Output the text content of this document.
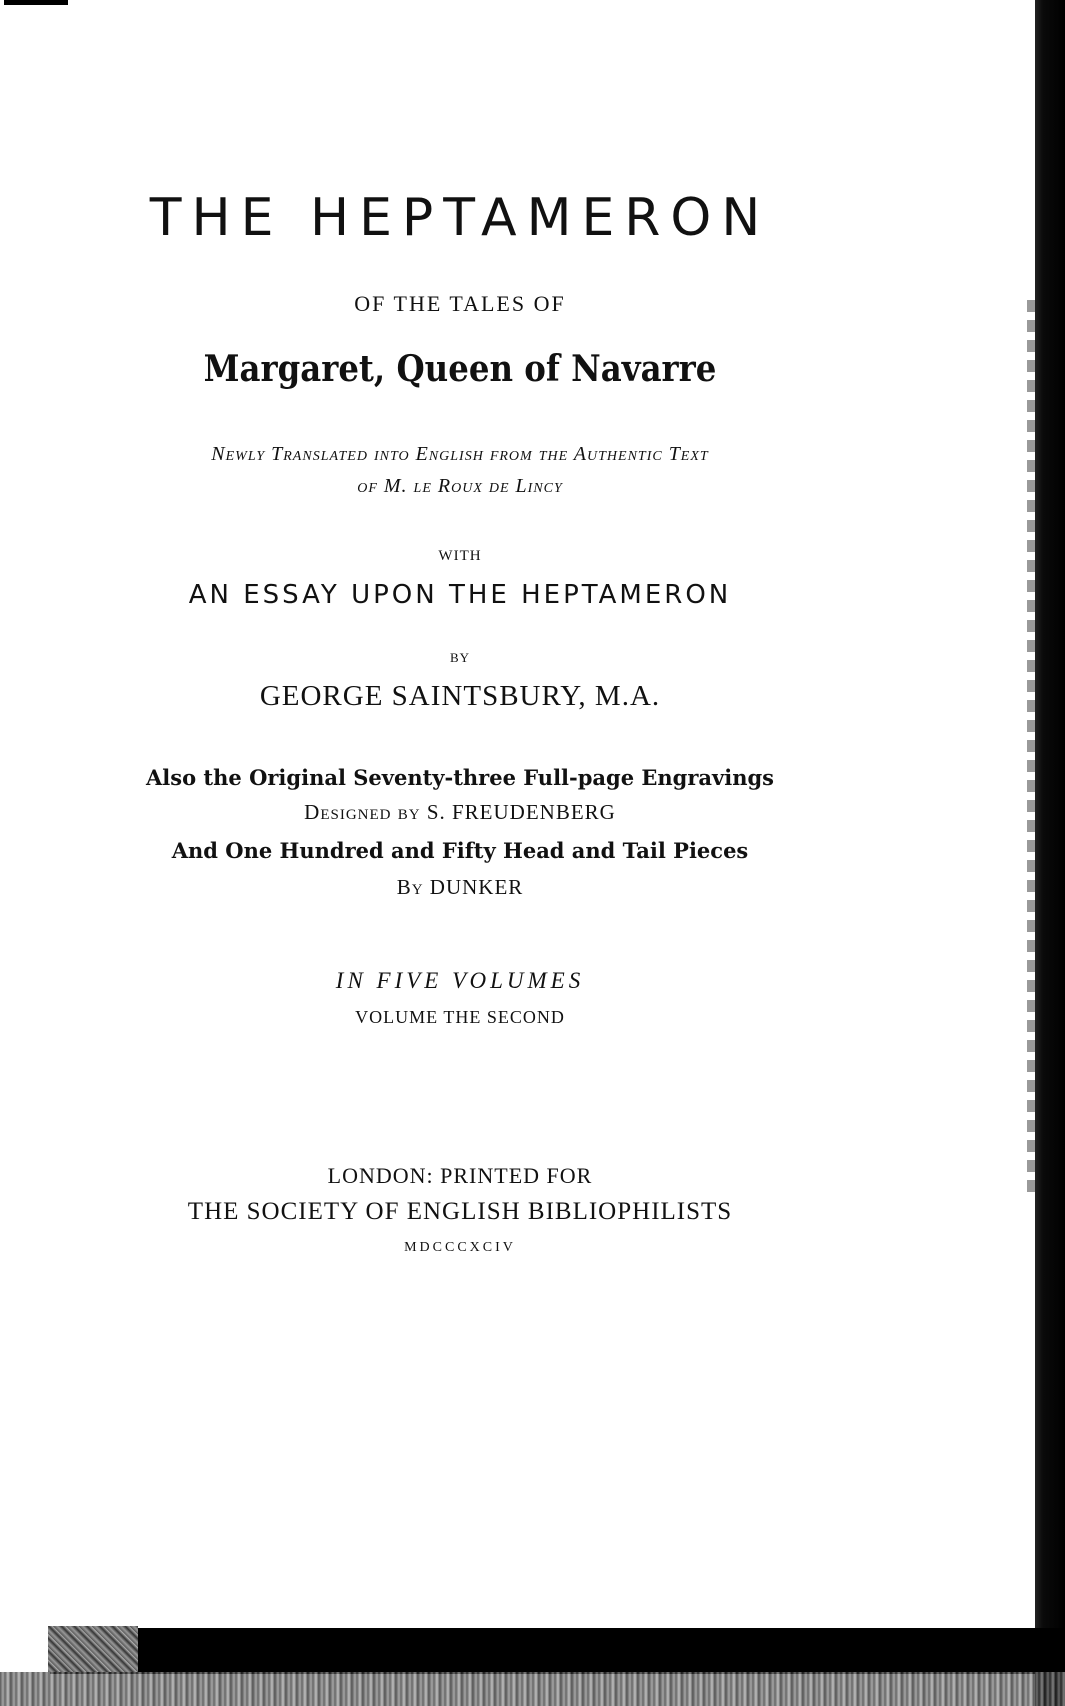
THE HEPTAMERON
OF THE TALES OF
Margaret, Queen of Navarre
Newly Translated into English from the Authentic Text
of M. le Roux de Lincy
WITH
AN ESSAY UPON THE HEPTAMERON
BY
GEORGE SAINTSBURY, M.A.
Also the Original Seventy-three Full-page Engravings
Designed by S. FREUDENBERG
And One Hundred and Fifty Head and Tail Pieces
By DUNKER
IN FIVE VOLUMES
VOLUME THE SECOND
LONDON: PRINTED FOR
THE SOCIETY OF ENGLISH BIBLIOPHILISTS
MDCCCXCIV
